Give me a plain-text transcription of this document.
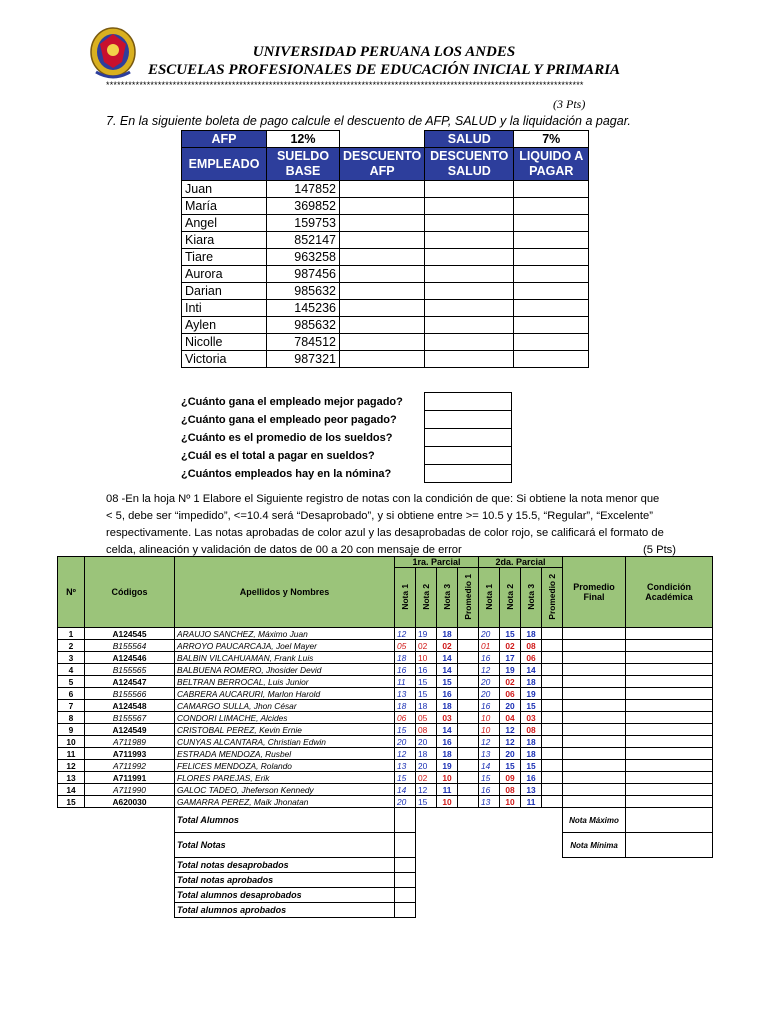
UNIVERSIDAD PERUANA LOS ANDES
ESCUELAS PROFESIONALES DE EDUCACIÓN INICIAL Y PRIMARIA
*********************************************************************************************************************************
(3 Pts)
7. En la siguiente boleta de pago calcule el descuento de AFP, SALUD y la liquidación a pagar.
AFP	12%		SALUD	7%
EMPLEADO	SUELDO BASE	DESCUENTO AFP	DESCUENTO SALUD	LIQUIDO A PAGAR
Juan	147852			
María	369852			
Angel	159753			
Kiara	852147			
Tiare	963258			
Aurora	987456			
Darian	985632			
Inti	145236			
Aylen	985632			
Nicolle	784512			
Victoria	987321			
¿Cuánto gana el empleado mejor pagado?	
¿Cuánto gana el empleado peor pagado?	
¿Cuánto es el promedio de los sueldos?	
¿Cuál es el total a pagar en sueldos?	
¿Cuántos empleados hay en la nómina?	
08 -En la hoja Nº 1 Elabore el Siguiente registro de notas con la condición de que: Si obtiene la nota menor que < 5, debe ser “impedido”, <=10.4 será “Desaprobado”, y si obtiene entre >= 10.5 y 15.5, “Regular”, “Excelente” respectivamente. Las notas aprobadas de color azul y las desaprobadas de color rojo, se calificará el formato de celda, alineación y validación de datos de 00 a 20 con mensaje de error	(5 Pts)
Nº	Códigos	Apellidos y Nombres	1ra. Parcial				2da. Parcial				Promedio Final	Condición Académica
			Nota 1	Nota 2	Nota 3	Promedio 1	Nota 1	Nota 2	Nota 3	Promedio 2		
1	A124545	ARAUJO SANCHEZ, Máximo Juan	12	19	18		20	15	18			
2	B155564	ARROYO PAUCARCAJA, Joel Mayer	05	02	02		01	02	08			
3	A124546	BALBIN VILCAHUAMAN, Frank Luis	18	10	14		16	17	06			
4	B155565	BALBUENA ROMERO, Jhosider Devid	16	16	14		12	19	14			
5	A124547	BELTRAN BERROCAL, Luis Junior	11	15	15		20	02	18			
6	B155566	CABRERA AUCARURI, Marlon Harold	13	15	16		20	06	19			
7	A124548	CAMARGO SULLA, Jhon César	18	18	18		16	20	15			
8	B155567	CONDORI LIMACHE, Alcides	06	05	03		10	04	03			
9	A124549	CRISTOBAL PEREZ, Kevin Ernie	15	08	14		10	12	08			
10	A711989	CUNYAS ALCANTARA, Christian Edwin	20	20	16		12	12	18			
11	A711993	ESTRADA MENDOZA, Rusbel	12	18	18		13	20	18			
12	A711992	FELICES MENDOZA, Rolando	13	20	19		14	15	15			
13	A711991	FLORES PAREJAS, Erik	15	02	10		15	09	16			
14	A711990	GALOC TADEO, Jheferson Kennedy	14	12	11		16	08	13			
15	A620030	GAMARRA PEREZ, Maik Jhonatan	20	15	10		13	10	11			
		Total Alumnos									Nota Máximo	
		Total Notas									Nota Mínima	
		Total notas desaprobados										
		Total notas aprobados										
		Total alumnos desaprobados										
		Total alumnos aprobados										
